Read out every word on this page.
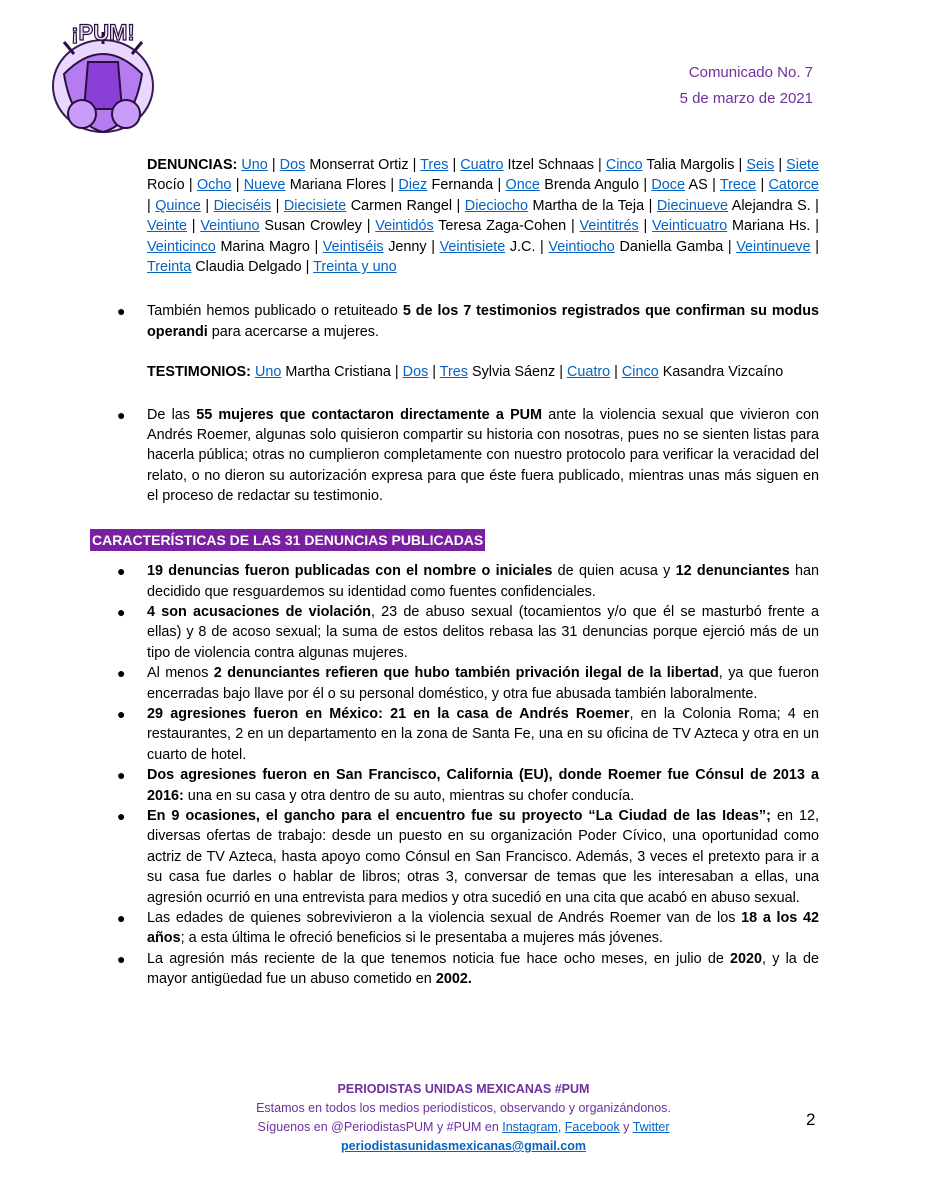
¡PUM!
Comunicado No. 7
5 de marzo de 2021
DENUNCIAS: Uno | Dos Monserrat Ortiz | Tres | Cuatro Itzel Schnaas | Cinco Talia Margolis | Seis | Siete Rocío | Ocho | Nueve Mariana Flores | Diez Fernanda | Once Brenda Angulo | Doce AS | Trece | Catorce | Quince | Dieciséis | Diecisiete Carmen Rangel | Dieciocho Martha de la Teja | Diecinueve Alejandra S. | Veinte | Veintiuno Susan Crowley | Veintidós Teresa Zaga-Cohen | Veintitrés | Veinticuatro Mariana Hs. | Veinticinco Marina Magro | Veintiséis Jenny | Veintisiete J.C. | Veintiocho Daniella Gamba | Veintinueve | Treinta Claudia Delgado | Treinta y uno
● También hemos publicado o retuiteado 5 de los 7 testimonios registrados que confirman su modus operandi para acercarse a mujeres.
TESTIMONIOS: Uno Martha Cristiana | Dos | Tres Sylvia Sáenz | Cuatro | Cinco Kasandra Vizcaíno
● De las 55 mujeres que contactaron directamente a PUM ante la violencia sexual que vivieron con Andrés Roemer, algunas solo quisieron compartir su historia con nosotras, pues no se sienten listas para hacerla pública; otras no cumplieron completamente con nuestro protocolo para verificar la veracidad del relato, o no dieron su autorización expresa para que éste fuera publicado, mientras unas más siguen en el proceso de redactar su testimonio.
CARACTERÍSTICAS DE LAS 31 DENUNCIAS PUBLICADAS
● 19 denuncias fueron publicadas con el nombre o iniciales de quien acusa y 12 denunciantes han decidido que resguardemos su identidad como fuentes confidenciales.
● 4 son acusaciones de violación, 23 de abuso sexual (tocamientos y/o que él se masturbó frente a ellas) y 8 de acoso sexual; la suma de estos delitos rebasa las 31 denuncias porque ejerció más de un tipo de violencia contra algunas mujeres.
● Al menos 2 denunciantes refieren que hubo también privación ilegal de la libertad, ya que fueron encerradas bajo llave por él o su personal doméstico, y otra fue abusada también laboralmente.
● 29 agresiones fueron en México: 21 en la casa de Andrés Roemer, en la Colonia Roma; 4 en restaurantes, 2 en un departamento en la zona de Santa Fe, una en su oficina de TV Azteca y otra en un cuarto de hotel.
● Dos agresiones fueron en San Francisco, California (EU), donde Roemer fue Cónsul de 2013 a 2016: una en su casa y otra dentro de su auto, mientras su chofer conducía.
● En 9 ocasiones, el gancho para el encuentro fue su proyecto “La Ciudad de las Ideas”; en 12, diversas ofertas de trabajo: desde un puesto en su organización Poder Cívico, una oportunidad como actriz de TV Azteca, hasta apoyo como Cónsul en San Francisco. Además, 3 veces el pretexto para ir a su casa fue darles o hablar de libros; otras 3, conversar de temas que les interesaban a ellas, una agresión ocurrió en una entrevista para medios y otra sucedió en una cita que acabó en abuso sexual.
● Las edades de quienes sobrevivieron a la violencia sexual de Andrés Roemer van de los 18 a los 42 años; a esta última le ofreció beneficios si le presentaba a mujeres más jóvenes.
● La agresión más reciente de la que tenemos noticia fue hace ocho meses, en julio de 2020, y la de mayor antigüedad fue un abuso cometido en 2002.
PERIODISTAS UNIDAS MEXICANAS #PUM
Estamos en todos los medios periodísticos, observando y organizándonos.
Síguenos en @PeriodistasPUM y #PUM en Instagram, Facebook y Twitter
periodistasunidasmexicanas@gmail.com
2
